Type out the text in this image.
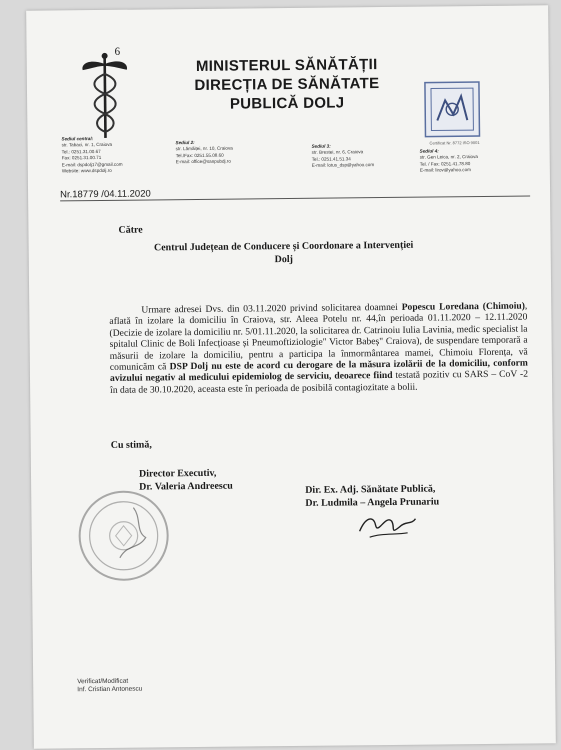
6
MINISTERUL SĂNĂTĂȚII
DIRECȚIA DE SĂNĂTATE
PUBLICĂ DOLJ
Certificat Nr. 8772 ISO 9001
Sediul central:
str. Tabaci, nr. 1, Craiova
Tel.: 0251.31.00.67
Fax: 0251.31.00.71
E-mail: dspdolj17@gmail.com
Website: www.dspdolj.ro
Sediul 2:
str. Lămâiței, nr. 10, Craiova
Tel./Fax: 0251.55.08.60
E-mail: office@sanpubdj.ro
Sediul 3:
str. Brestei, nr. 6, Craiova
Tel.: 0251.41.51.34
E-mail: lotus_dsp@yahoo.com
Sediul 4:
str. Gen Leica, nr. 2, Craiova
Tel. / Fax: 0251.41.78.80
E-mail: lirov@yahoo.com
Nr.18779 /04.11.2020
Către
Centrul Județean de Conducere și Coordonare a Intervenției
Dolj
Urmare adresei Dvs. din 03.11.2020 privind solicitarea doamnei Popescu Loredana (Chimoiu), aflată în izolare la domiciliu în Craiova, str. Aleea Potelu nr. 44,în perioada 01.11.2020 – 12.11.2020 (Decizie de izolare la domiciliu nr. 5/01.11.2020, la solicitarea dr. Catrinoiu Iulia Lavinia, medic specialist la spitalul Clinic de Boli Infecțioase și Pneumoftiziologie" Victor Babeș" Craiova), de suspendare temporară a măsurii de izolare la domiciliu, pentru a participa la înmormântarea mamei, Chimoiu Florența, vă comunicăm că DSP Dolj nu este de acord cu derogare de la măsura izolării de la domiciliu, conform avizului negativ al medicului epidemiolog de serviciu, deoarece fiind testată pozitiv cu SARS – CoV -2 în data de 30.10.2020, aceasta este în perioada de posibilă contagiozitate a bolii.
Cu stimă,
Director Executiv,
Dr. Valeria Andreescu	Dir. Ex. Adj. Sănătate Publică,
Dr. Ludmila – Angela Prunariu
Verificat/Modificat
Inf. Cristian Antonescu
